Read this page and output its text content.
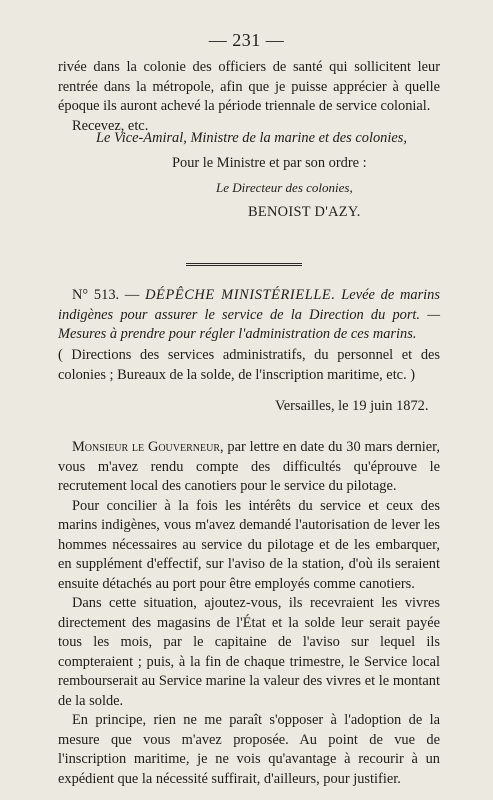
— 231 —

rivée dans la colonie des officiers de santé qui sollicitent leur rentrée dans la métropole, afin que je puisse apprécier à quelle époque ils auront achevé la période triennale de service colonial.

Recevez, etc.

Le Vice-Amiral, Ministre de la marine et des colonies,
Pour le Ministre et par son ordre :
Le Directeur des colonies,
BENOIST D'AZY.

N° 513. — DÉPÊCHE MINISTÉRIELLE. Levée de marins indigènes pour assurer le service de la Direction du port. — Mesures à prendre pour régler l'administration de ces marins.

( Directions des services administratifs, du personnel et des colonies ; Bureaux de la solde, de l'inscription maritime, etc. )
Versailles, le 19 juin 1872.

Monsieur le Gouverneur, par lettre en date du 30 mars dernier, vous m'avez rendu compte des difficultés qu'éprouve le recrutement local des canotiers pour le service du pilotage.

Pour concilier à la fois les intérêts du service et ceux des marins indigènes, vous m'avez demandé l'autorisation de lever les hommes nécessaires au service du pilotage et de les embarquer, en supplément d'effectif, sur l'aviso de la station, d'où ils seraient ensuite détachés au port pour être employés comme canotiers.

Dans cette situation, ajoutez-vous, ils recevraient les vivres directement des magasins de l'État et la solde leur serait payée tous les mois, par le capitaine de l'aviso sur lequel ils compteraient ; puis, à la fin de chaque trimestre, le Service local rembourserait au Service marine la valeur des vivres et le montant de la solde.

En principe, rien ne me paraît s'opposer à l'adoption de la mesure que vous m'avez proposée. Au point de vue de l'inscription maritime, je ne vois qu'avantage à recourir à un expédient que la nécessité suffirait, d'ailleurs, pour justifier.
